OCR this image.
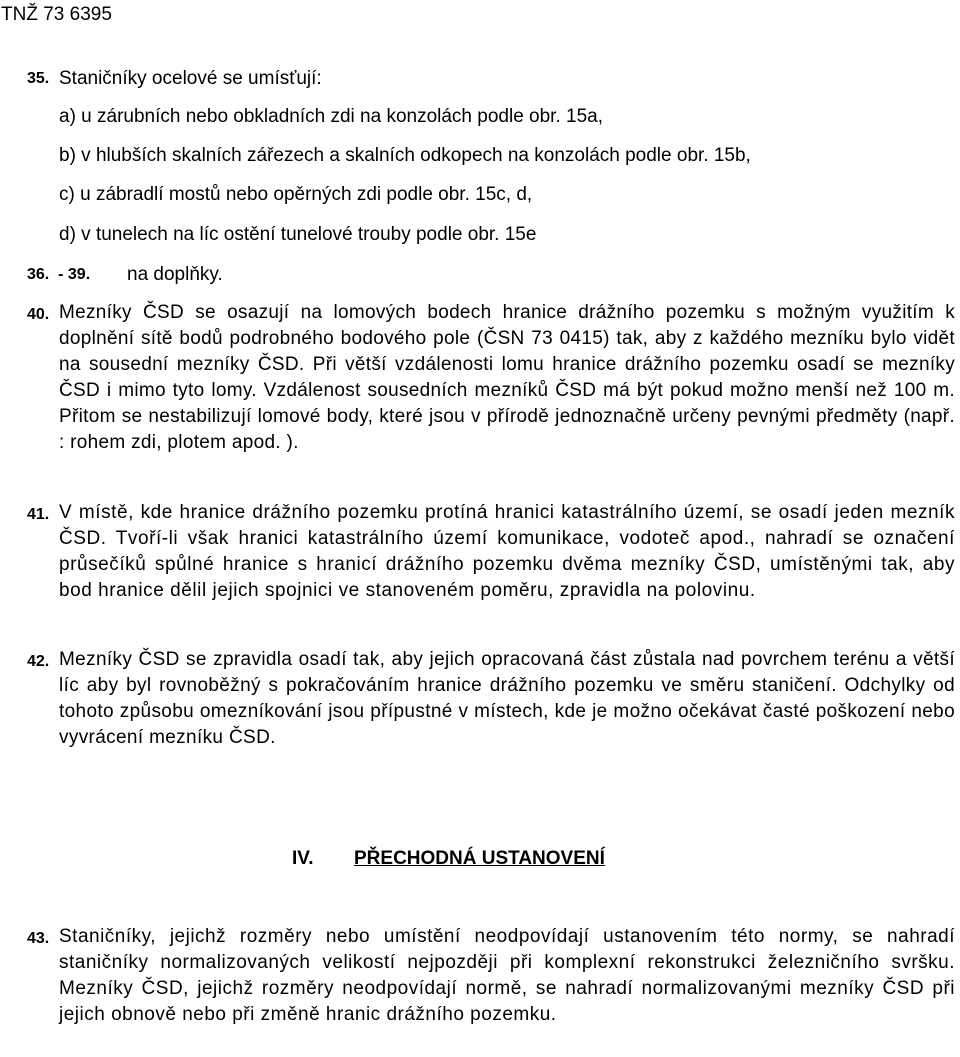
TNŽ 73 6395
35. Staničníky ocelové se umísťují:
a) u zárubních nebo obkladních zdi na konzolách podle obr. 15a,
b) v hlubších skalních zářezech a skalních odkopech na konzolách podle obr. 15b,
c) u zábradlí mostů nebo opěrných zdi podle obr. 15c, d,
d) v tunelech na líc ostění tunelové trouby podle obr. 15e
36.  - 39. na doplňky.
40. Mezníky ČSD se osazují na lomových bodech hranice drážního pozemku s možným využitím k doplnění sítě bodů podrobného bodového pole (ČSN 73 0415) tak, aby z každého mezníku bylo vidět na sousední mezníky ČSD. Při větší vzdálenosti lomu hranice drážního pozemku osadí se mezníky ČSD i mimo tyto lomy. Vzdálenost sousedních mezníků ČSD má být pokud možno menší než 100 m. Přitom se nestabilizují lomové body, které jsou v přírodě jednoznačně určeny pevnými předměty (např. : rohem zdi, plotem apod. ).

41. V místě, kde hranice drážního pozemku protíná hranici katastrálního území, se osadí jeden mezník ČSD. Tvoří-li však hranici katastrálního území komunikace, vodoteč apod., nahradí se označení průsečíků spůlné hranice s hranicí drážního pozemku dvěma mezníky ČSD, umístěnými tak, aby bod hranice dělil jejich spojnici ve stanoveném poměru, zpravidla na polovinu.

42. Mezníky ČSD se zpravidla osadí tak, aby jejich opracovaná část zůstala nad povrchem terénu a větší líc aby byl rovnoběžný s pokračováním hranice drážního pozemku ve směru staničení. Odchylky od tohoto způsobu omezníkování jsou přípustné v místech, kde je možno očekávat časté poškození nebo vyvrácení mezníku ČSD.

IV. PŘECHODNÁ USTANOVENÍ
43. Staničníky, jejichž rozměry nebo umístění neodpovídají ustanovením této normy, se nahradí staničníky normalizovaných velikostí nejpozději při komplexní rekonstrukci železničního svršku. Mezníky ČSD, jejichž rozměry neodpovídají normě, se nahradí normalizovanými mezníky ČSD při jejich obnově nebo při změně hranic drážního pozemku.
